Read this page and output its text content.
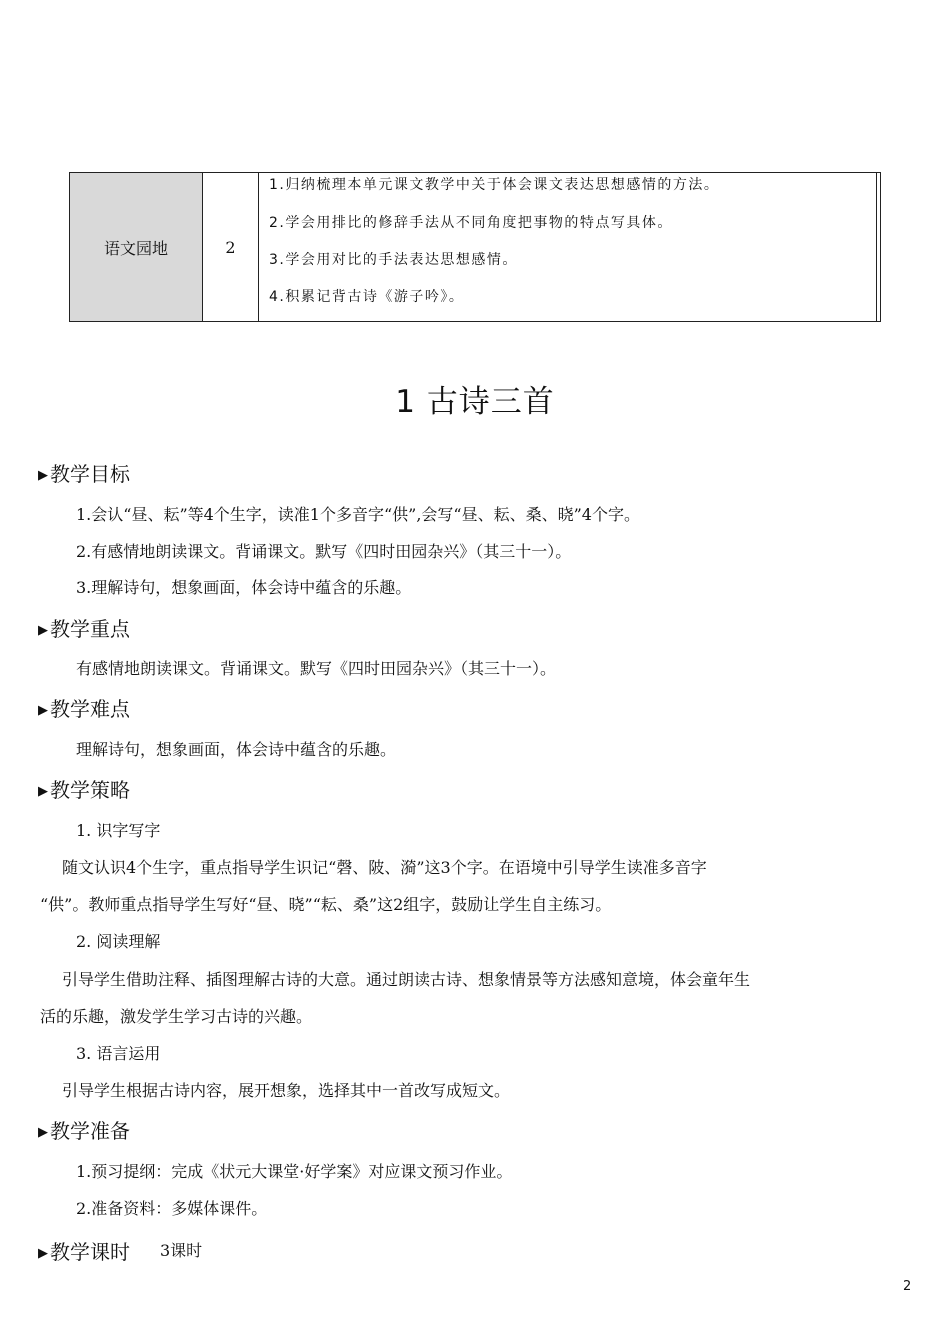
语文园地	2	
1.归纳梳理本单元课文教学中关于体会课文表达思想感情的方法。
2.学会用排比的修辞手法从不同角度把事物的特点写具体。
3.学会用对比的手法表达思想感情。
4.积累记背古诗《游子吟》。
1 古诗三首
▶ 教学目标
1.会认“昼、耘”等4个生字，读准1个多音字“供”,会写“昼、耘、桑、晓”4个字。
2.有感情地朗读课文。背诵课文。默写《四时田园杂兴》（其三十一）。
3.理解诗句，想象画面，体会诗中蕴含的乐趣。
▶ 教学重点
有感情地朗读课文。背诵课文。默写《四时田园杂兴》（其三十一）。
▶ 教学难点
理解诗句，想象画面，体会诗中蕴含的乐趣。
▶ 教学策略
1. 识字写字
随文认识4个生字，重点指导学生识记“磬、陂、漪”这3个字。在语境中引导学生读准多音字
“供”。教师重点指导学生写好“昼、晓”“耘、桑”这2组字，鼓励让学生自主练习。
2. 阅读理解
引导学生借助注释、插图理解古诗的大意。通过朗读古诗、想象情景等方法感知意境，体会童年生
活的乐趣，激发学生学习古诗的兴趣。
3. 语言运用
引导学生根据古诗内容，展开想象，选择其中一首改写成短文。
▶ 教学准备
1.预习提纲：完成《状元大课堂·好学案》对应课文预习作业。
2.准备资料：多媒体课件。
▶ 教学课时 3课时
2
